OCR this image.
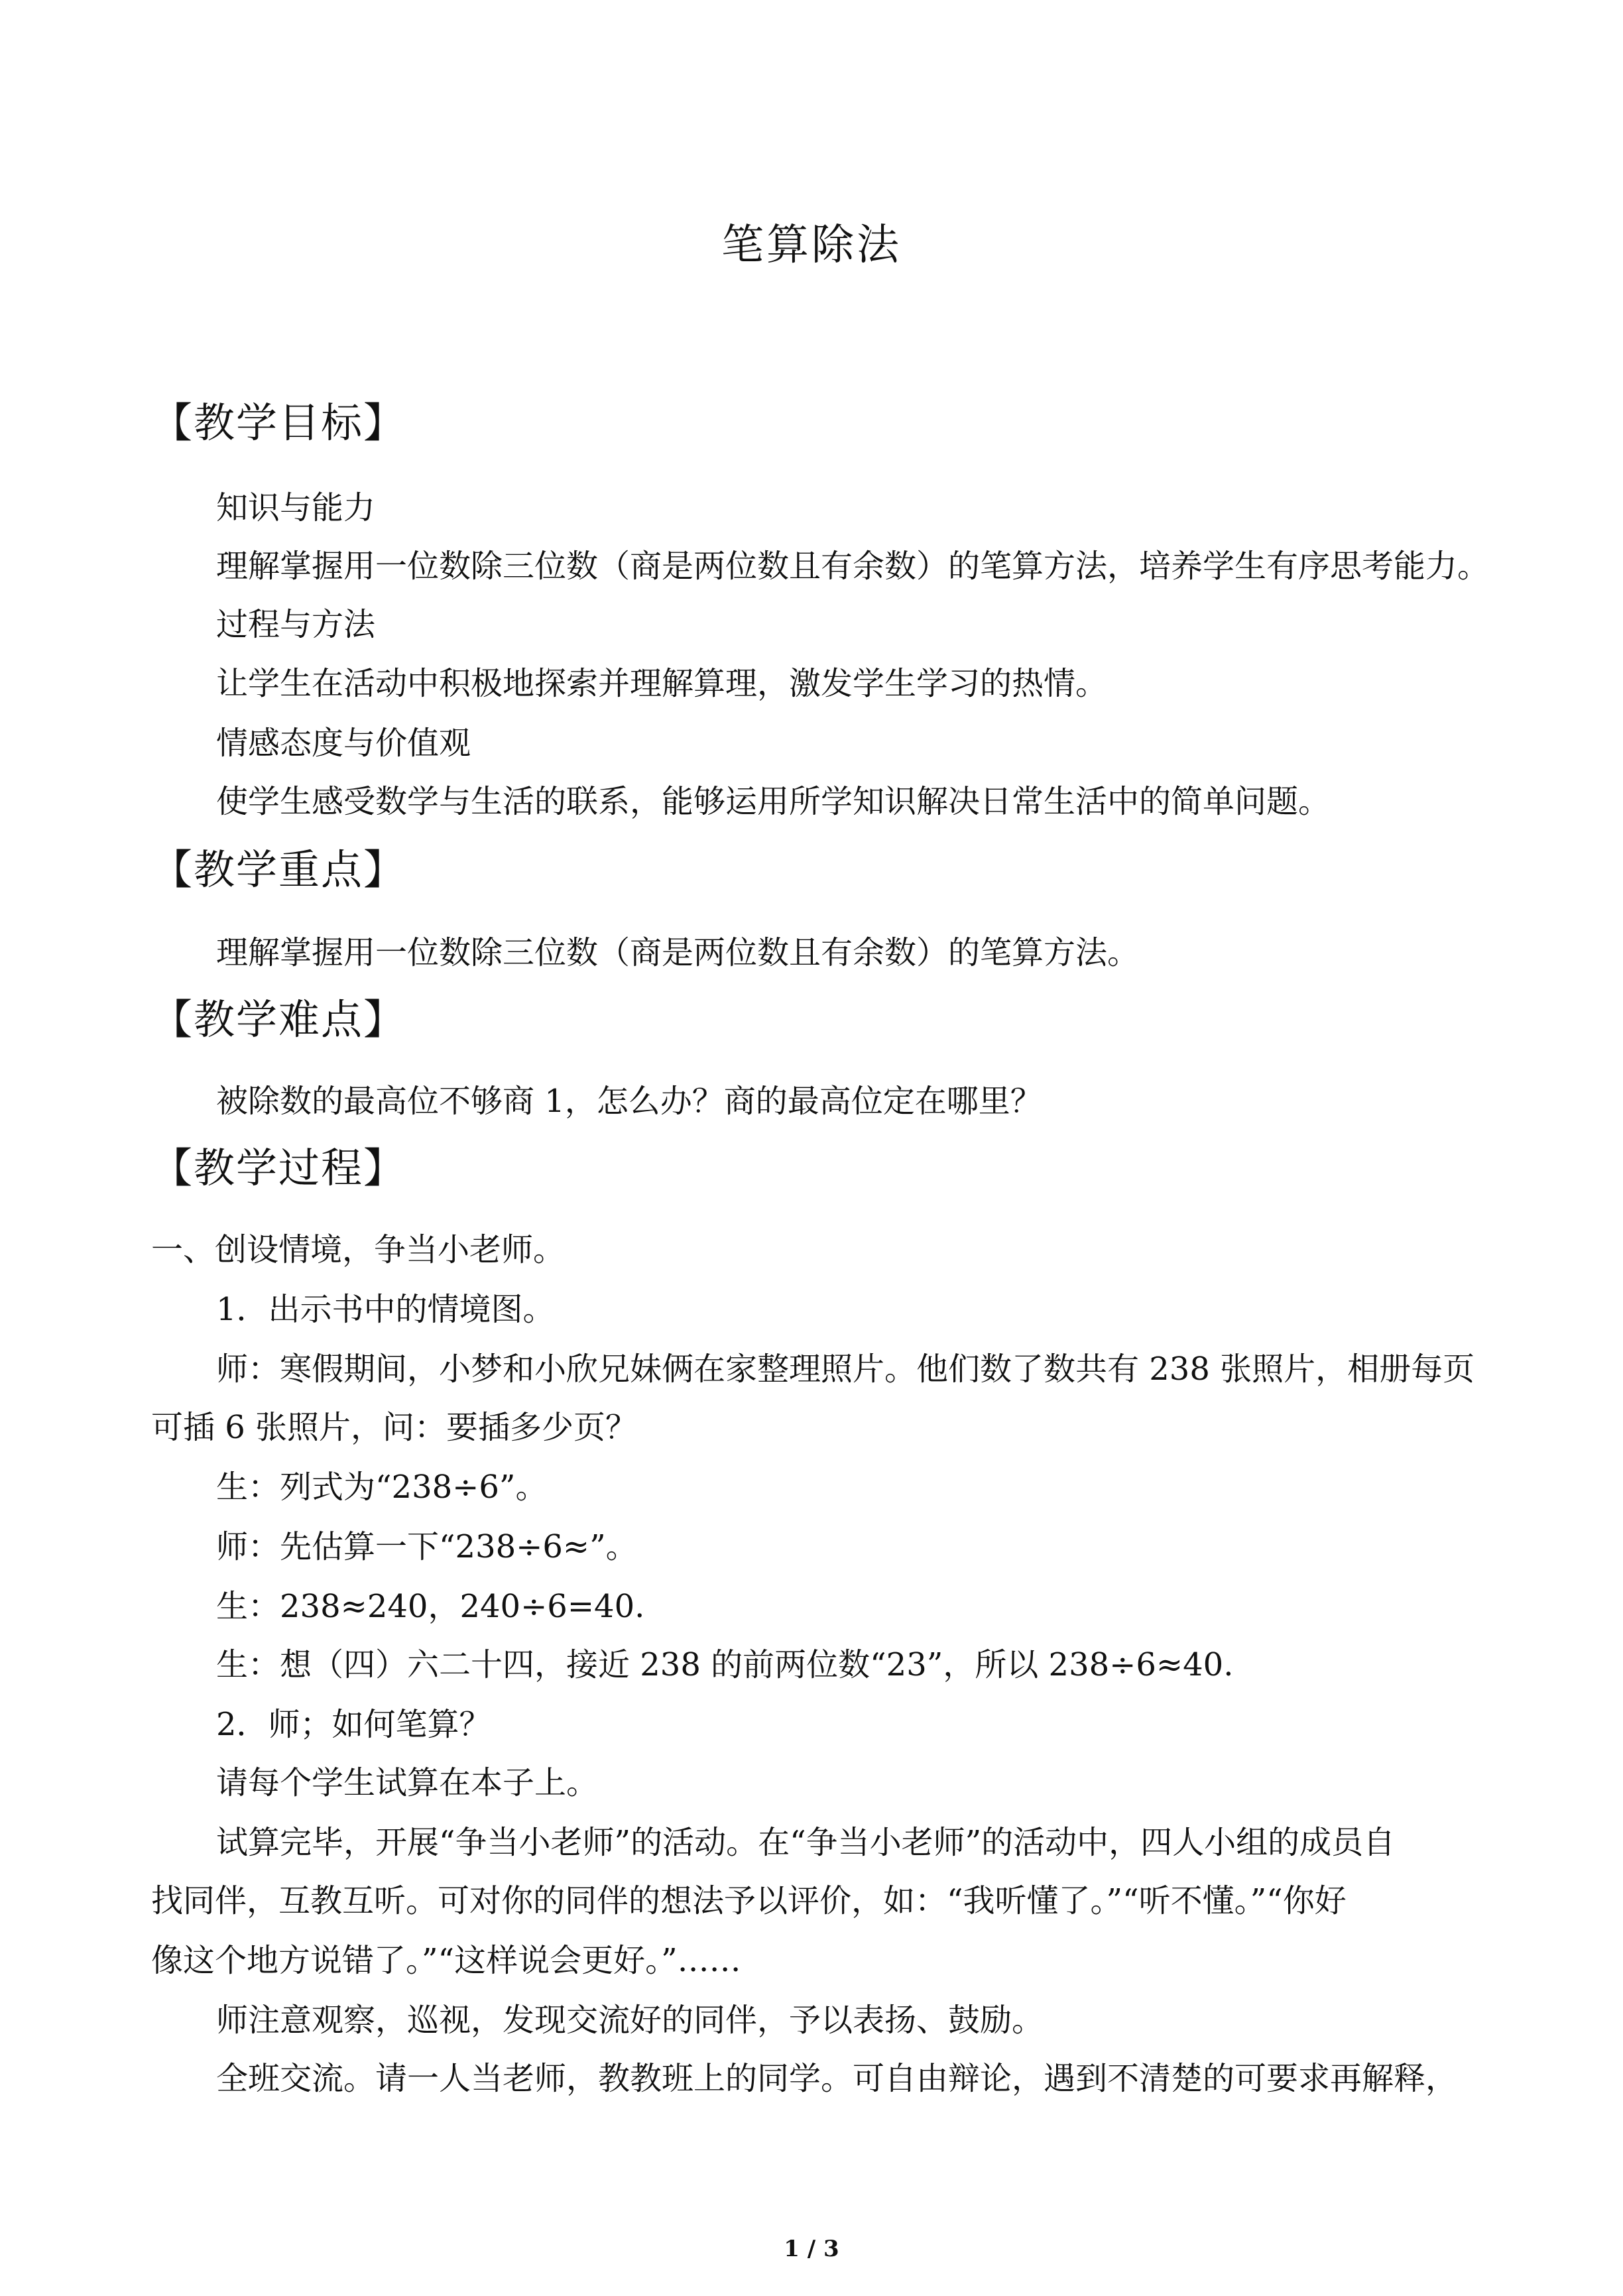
笔算除法
【教学目标】
知识与能力
理解掌握用一位数除三位数（商是两位数且有余数）的笔算方法，培养学生有序思考能力。
过程与方法
让学生在活动中积极地探索并理解算理，激发学生学习的热情。
情感态度与价值观
使学生感受数学与生活的联系，能够运用所学知识解决日常生活中的简单问题。
【教学重点】
理解掌握用一位数除三位数（商是两位数且有余数）的笔算方法。
【教学难点】
被除数的最高位不够商 1，怎么办？商的最高位定在哪里？
【教学过程】
一、创设情境，争当小老师。
1．出示书中的情境图。
师：寒假期间，小梦和小欣兄妹俩在家整理照片。他们数了数共有 238 张照片，相册每页
可插 6 张照片，问：要插多少页？
生：列式为“238÷6”。
师：先估算一下“238÷6≈”。
生：238≈240，240÷6=40.
生：想（四）六二十四，接近 238 的前两位数“23”，所以 238÷6≈40.
2．师；如何笔算？
请每个学生试算在本子上。
试算完毕，开展“争当小老师”的活动。在“争当小老师”的活动中，四人小组的成员自
找同伴，互教互听。可对你的同伴的想法予以评价，如：“我听懂了。”“听不懂。”“你好
像这个地方说错了。”“这样说会更好。”……
师注意观察，巡视，发现交流好的同伴，予以表扬、鼓励。
全班交流。请一人当老师，教教班上的同学。可自由辩论，遇到不清楚的可要求再解释，
1 / 3
